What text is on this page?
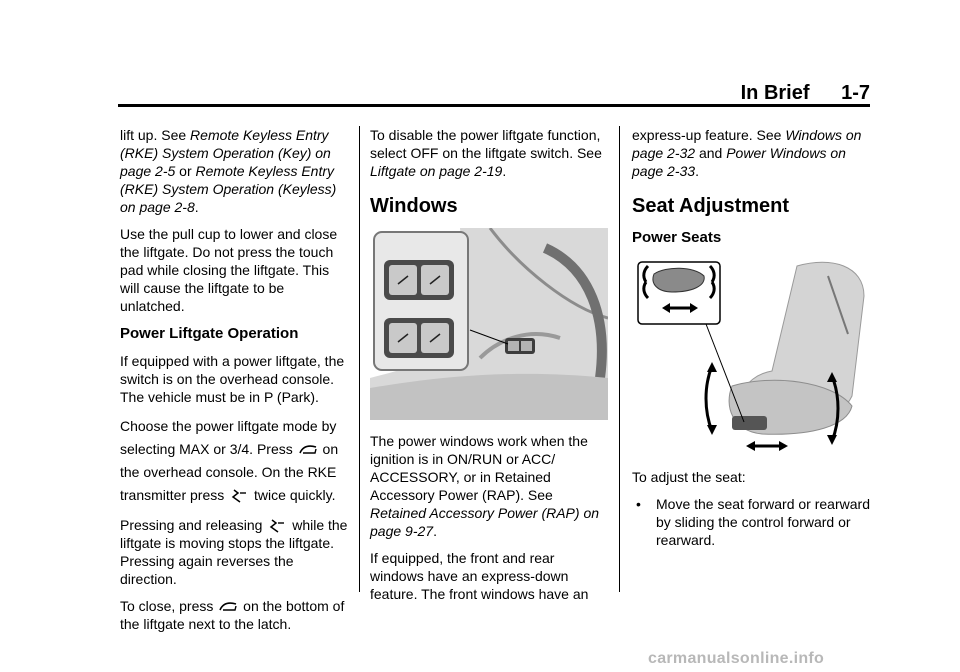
In Brief 1-7

lift up. See Remote Keyless Entry (RKE) System Operation (Key) on page 2-5 or Remote Keyless Entry (RKE) System Operation (Keyless) on page 2-8.

Use the pull cup to lower and close the liftgate. Do not press the touch pad while closing the liftgate. This will cause the liftgate to be unlatched.

Power Liftgate Operation

If equipped with a power liftgate, the switch is on the overhead console. The vehicle must be in P (Park).

Choose the power liftgate mode by selecting MAX or 3/4. Press  on the overhead console. On the RKE transmitter press  twice quickly.

Pressing and releasing  while the liftgate is moving stops the liftgate. Pressing again reverses the direction.

To close, press  on the bottom of the liftgate next to the latch.

To disable the power liftgate function, select OFF on the liftgate switch. See Liftgate on page 2-19.

Windows

The power windows work when the ignition is in ON/RUN or ACC/ ACCESSORY, or in Retained Accessory Power (RAP). See Retained Accessory Power (RAP) on page 9-27.

If equipped, the front and rear windows have an express-down feature. The front windows have an

express-up feature. See Windows on page 2-32 and Power Windows on page 2-33.

Seat Adjustment
Power Seats

To adjust the seat:

• Move the seat forward or rearward by sliding the control forward or rearward.
carmanualsonline.info
